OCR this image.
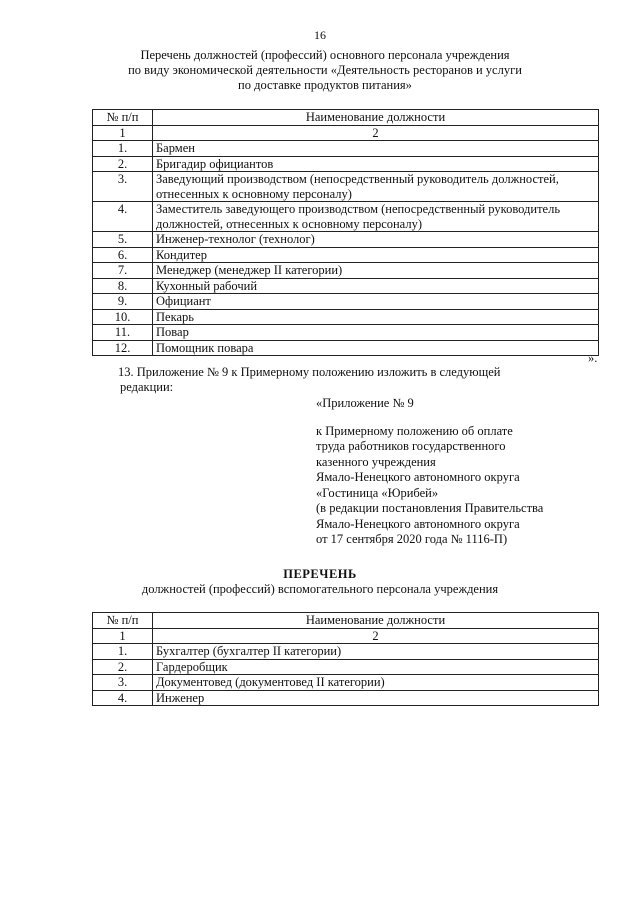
16
Перечень должностей (профессий) основного персонала учреждения
по виду экономической деятельности «Деятельность ресторанов и услуги
по доставке продуктов питания»
№ п/п	Наименование должности
1	2
1.	Бармен
2.	Бригадир официантов
3.	Заведующий производством (непосредственный руководитель должностей, отнесенных к основному персоналу)
4.	Заместитель заведующего производством (непосредственный руководитель должностей, отнесенных к основному персоналу)
5.	Инженер-технолог (технолог)
6.	Кондитер
7.	Менеджер (менеджер II категории)
8.	Кухонный рабочий
9.	Официант
10.	Пекарь
11.	Повар
12.	Помощник повара
».
13. Приложение № 9 к Примерному положению изложить в следующей
редакции:
«Приложение № 9
к Примерному положению об оплате
труда работников государственного
казенного учреждения
Ямало-Ненецкого автономного округа
«Гостиница «Юрибей»
(в редакции постановления Правительства
Ямало-Ненецкого автономного округа
от 17 сентября 2020 года № 1116-П)
ПЕРЕЧЕНЬ
должностей (профессий) вспомогательного персонала учреждения
№ п/п	Наименование должности
1	2
1.	Бухгалтер (бухгалтер II категории)
2.	Гардеробщик
3.	Документовед (документовед II категории)
4.	Инженер
